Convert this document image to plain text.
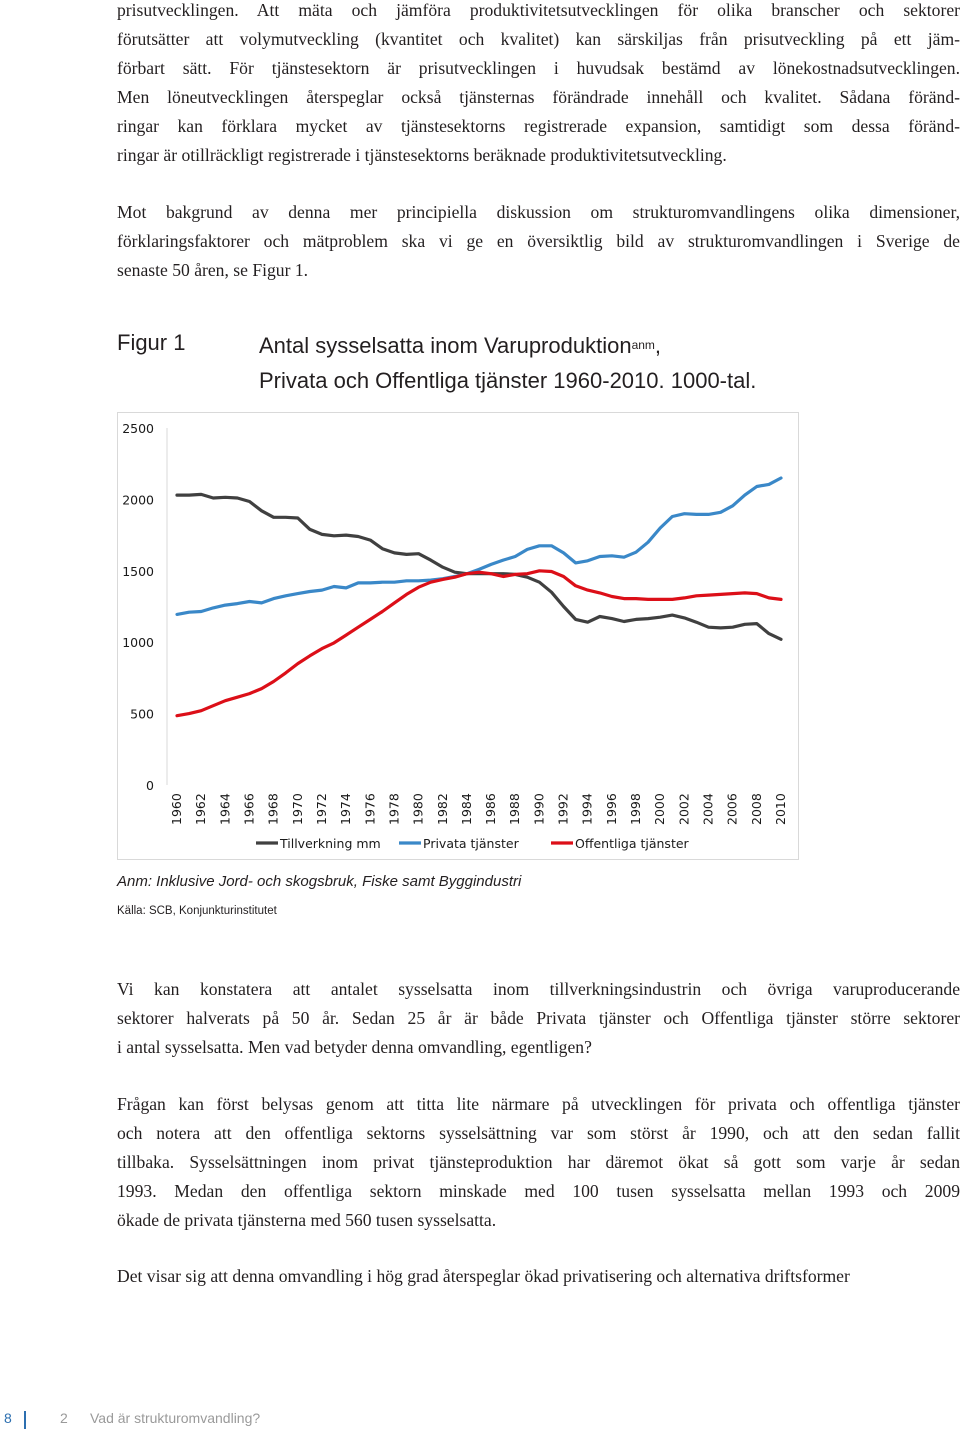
prisutvecklingen. Att mäta och jämföra produktivitetsutvecklingen för olika branscher och sektorer
förutsätter att volymutveckling (kvantitet och kvalitet) kan särskiljas från prisutveckling på ett jäm-
förbart sätt. För tjänstesektorn är prisutvecklingen i huvudsak bestämd av lönekostnadsutvecklingen.
Men löneutvecklingen återspeglar också tjänsternas förändrade innehåll och kvalitet. Sådana föränd-
ringar kan förklara mycket av tjänstesektorns registrerade expansion, samtidigt som dessa föränd-
ringar är otillräckligt registrerade i tjänstesektorns beräknade produktivitetsutveckling.

Mot bakgrund av denna mer principiella diskussion om strukturomvandlingens olika dimensioner,
förklaringsfaktorer och mätproblem ska vi ge en översiktlig bild av strukturomvandlingen i Sverige de
senaste 50 åren, se Figur 1.

Figur 1	Antal sysselsatta inom Varuproduktion$^{anm}$,
Privata och Offentliga tjänster 1960-2010. 1000-tal.
0
500
1000
1500
2000
2500
1960 1962 1964 1966 1968 1970 1972 1974 1976 1978 1980 1982 1984 1986 1988 1990 1992 1994 1996 1998 2000 2002 2004 2006 2008 2010
Tillverkning mm	Privata tjänster	Offentliga tjänster
Anm: Inklusive Jord- och skogsbruk, Fiske samt Byggindustri
Källa: SCB, Konjunkturinstitutet

Vi kan konstatera att antalet sysselsatta inom tillverkningsindustrin och övriga varuproducerande
sektorer halverats på 50 år. Sedan 25 år är både Privata tjänster och Offentliga tjänster större sektorer
i antal sysselsatta. Men vad betyder denna omvandling, egentligen?

Frågan kan först belysas genom att titta lite närmare på utvecklingen för privata och offentliga tjänster
och notera att den offentliga sektorns sysselsättning var som störst år 1990, och att den sedan fallit
tillbaka. Sysselsättningen inom privat tjänsteproduktion har däremot ökat så gott som varje år sedan
1993. Medan den offentliga sektorn minskade med 100 tusen sysselsatta mellan 1993 och 2009
ökade de privata tjänsterna med 560 tusen sysselsatta.

Det visar sig att denna omvandling i hög grad återspeglar ökad privatisering och alternativa driftsformer

8	2 Vad är strukturomvandling?
